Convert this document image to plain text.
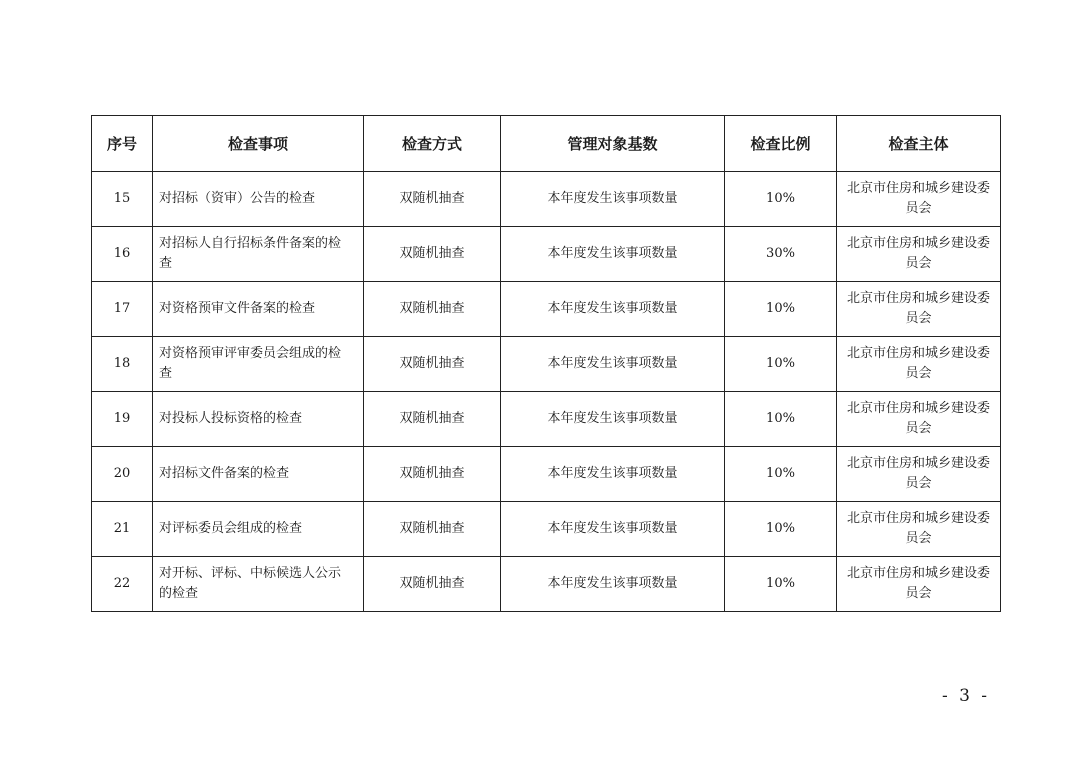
序号	检查事项	检查方式	管理对象基数	检查比例	检查主体
15	对招标（资审）公告的检查	双随机抽查	本年度发生该事项数量	10%	北京市住房和城乡建设委员会
16	对招标人自行招标条件备案的检查	双随机抽查	本年度发生该事项数量	30%	北京市住房和城乡建设委员会
17	对资格预审文件备案的检查	双随机抽查	本年度发生该事项数量	10%	北京市住房和城乡建设委员会
18	对资格预审评审委员会组成的检查	双随机抽查	本年度发生该事项数量	10%	北京市住房和城乡建设委员会
19	对投标人投标资格的检查	双随机抽查	本年度发生该事项数量	10%	北京市住房和城乡建设委员会
20	对招标文件备案的检查	双随机抽查	本年度发生该事项数量	10%	北京市住房和城乡建设委员会
21	对评标委员会组成的检查	双随机抽查	本年度发生该事项数量	10%	北京市住房和城乡建设委员会
22	对开标、评标、中标候选人公示的检查	双随机抽查	本年度发生该事项数量	10%	北京市住房和城乡建设委员会
- 3 -
